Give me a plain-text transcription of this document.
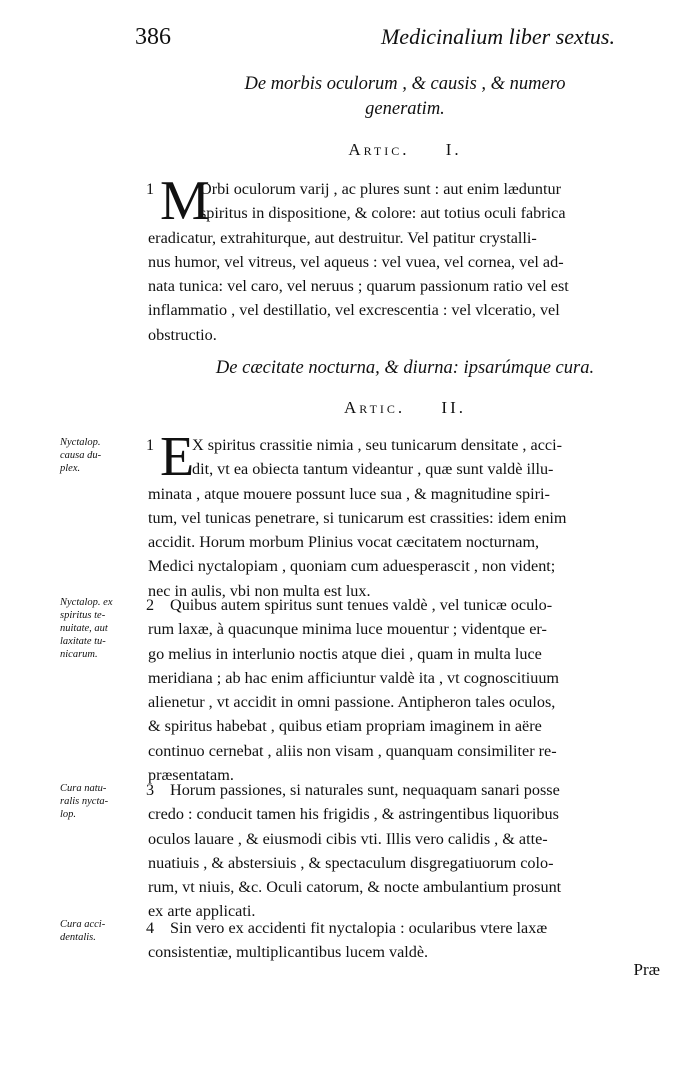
386	Medicinalium liber sextus.
De morbis oculorum , & causis , & numero
generatim.
Artic. I.
1 M
Orbi oculorum varij , ac plures sunt : aut enim læduntur
spiritus in dispositione, & colore: aut totius oculi fabrica
eradicatur, extrahiturque, aut destruitur. Vel patitur crystalli-
nus humor, vel vitreus, vel aqueus : vel vuea, vel cornea, vel ad-
nata tunica: vel caro, vel neruus ; quarum passionum ratio vel est
inflammatio , vel destillatio, vel excrescentia : vel vlceratio, vel
obstructio.
De cæcitate nocturna, & diurna: ipsarúmque cura.
Artic. II.
1 E
X spiritus crassitie nimia , seu tunicarum densitate , acci-
dit, vt ea obiecta tantum videantur , quæ sunt valdè illu-
minata , atque mouere possunt luce sua , & magnitudine spiri-
tum, vel tunicas penetrare, si tunicarum est crassities: idem enim
accidit. Horum morbum Plinius vocat cæcitatem nocturnam,
Medici nyctalopiam , quoniam cum aduesperascit , non vident;
nec in aulis, vbi non multa est lux.
2 Quibus autem spiritus sunt tenues valdè , vel tunicæ oculo-
rum laxæ, à quacunque minima luce mouentur ; videntque er-
go melius in interlunio noctis atque diei , quam in multa luce
meridiana ; ab hac enim afficiuntur valdè ita , vt cognoscitiuum
alienetur , vt accidit in omni passione. Antipheron tales oculos,
& spiritus habebat , quibus etiam propriam imaginem in aëre
continuo cernebat , aliis non visam , quanquam consimiliter re-
præsentatam.
3 Horum passiones, si naturales sunt, nequaquam sanari posse
credo : conducit tamen his frigidis , & astringentibus liquoribus
oculos lauare , & eiusmodi cibis vti. Illis vero calidis , & atte-
nuatiuis , & abstersiuis , & spectaculum disgregatiuorum colo-
rum, vt niuis, &c. Oculi catorum, & nocte ambulantium prosunt
ex arte applicati.
4 Sin vero ex accidenti fit nyctalopia : ocularibus vtere laxæ
consistentiæ, multiplicantibus lucem valdè.
Nyctalop.
causa du-
plex.
Nyctalop. ex
spiritus te-
nuitate, aut
laxitate tu-
nicarum.
Cura natu-
ralis nycta-
lop.
Cura acci-
dentalis.
Præ
